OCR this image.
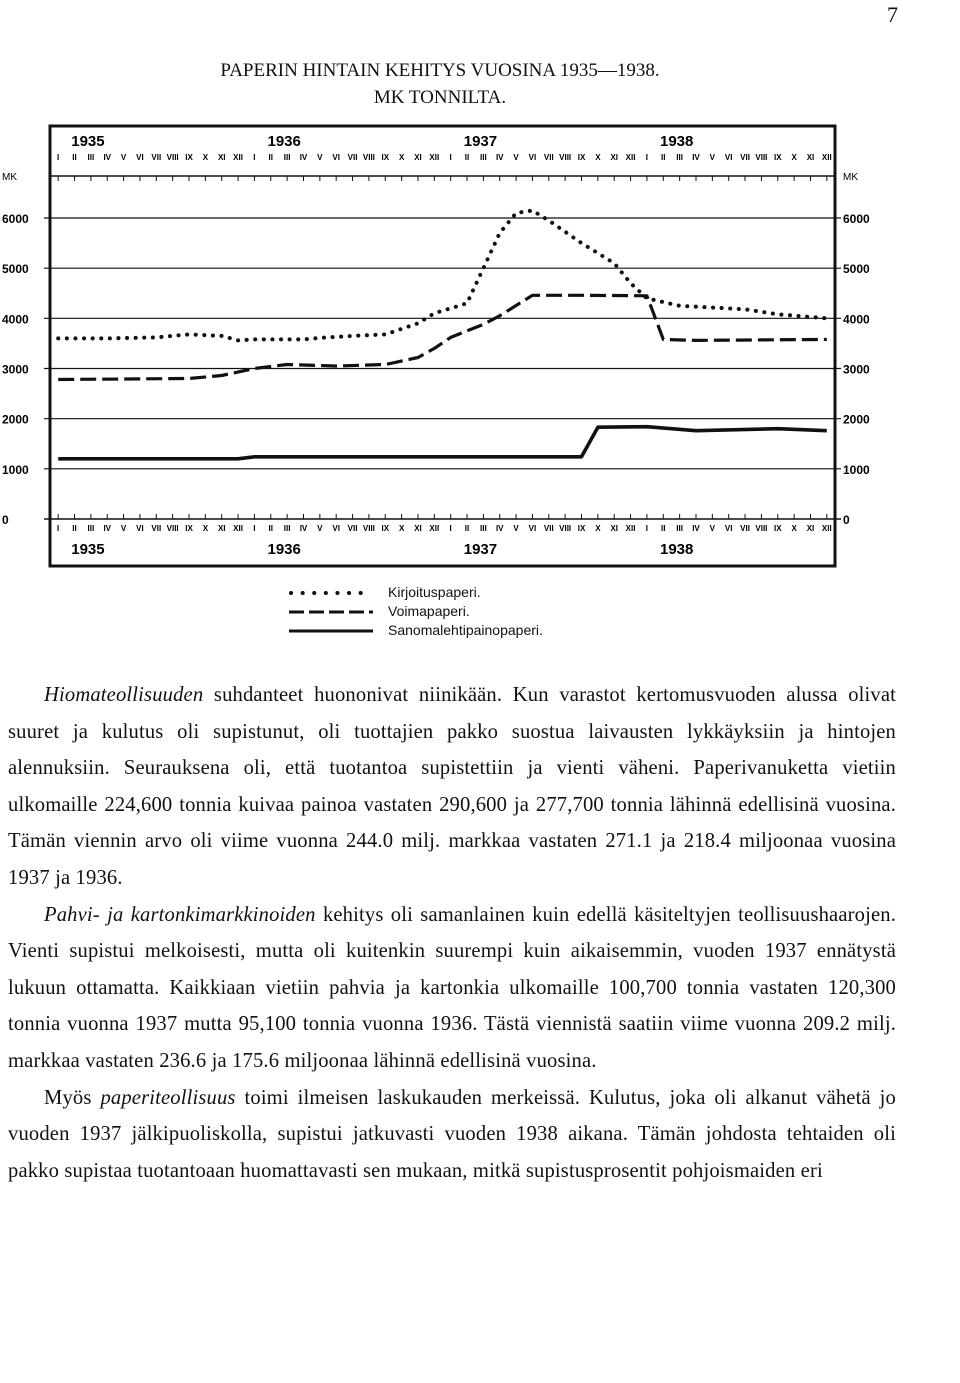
7
PAPERIN HINTAIN KEHITYS VUOSINA 1935—1938.
MK TONNILTA.
I
I
II
II
III
III
IV
IV
V
V
VI
VI
VII
VII
VIII
VIII
IX
IX
X
X
XI
XI
XII
XII
I
I
II
II
III
III
IV
IV
V
V
VI
VI
VII
VII
VIII
VIII
IX
IX
X
X
XI
XI
XII
XII
I
I
II
II
III
III
IV
IV
V
V
VI
VI
VII
VII
VIII
VIII
IX
IX
X
X
XI
XI
XII
XII
I
I
II
II
III
III
IV
IV
V
V
VI
VI
VII
VII
VIII
VIII
IX
IX
X
X
XI
XI
XII
XII
1935
1935
1936
1936
1937
1937
1938
1938
0	0
1000	1000
2000	2000
3000	3000
4000	4000
5000	5000
6000	6000
MK	MK
Kirjoituspaperi.
Voimapaperi.
Sanomalehtipainopaperi.

Hiomateollisuuden suhdanteet huononivat niinikään. Kun varastot kertomusvuoden alussa olivat suuret ja kulutus oli supistunut, oli tuottajien pakko suostua laivausten lykkäyksiin ja hintojen alennuksiin. Seurauksena oli, että tuotantoa supistettiin ja vienti väheni. Paperivanuketta vietiin ulkomaille 224,600 tonnia kuivaa painoa vastaten 290,600 ja 277,700 tonnia lähinnä edellisinä vuosina. Tämän viennin arvo oli viime vuonna 244.0 milj. markkaa vastaten 271.1 ja 218.4 miljoonaa vuosina 1937 ja 1936.

Pahvi- ja kartonkimarkkinoiden kehitys oli samanlainen kuin edellä käsiteltyjen teollisuushaarojen. Vienti supistui melkoisesti, mutta oli kuitenkin suurempi kuin aikaisemmin, vuoden 1937 ennätystä lukuun ottamatta. Kaikkiaan vietiin pahvia ja kartonkia ulkomaille 100,700 tonnia vastaten 120,300 tonnia vuonna 1937 mutta 95,100 tonnia vuonna 1936. Tästä viennistä saatiin viime vuonna 209.2 milj. markkaa vastaten 236.6 ja 175.6 miljoonaa lähinnä edellisinä vuosina.

Myös paperiteollisuus toimi ilmeisen laskukauden merkeissä. Kulutus, joka oli alkanut vähetä jo vuoden 1937 jälkipuoliskolla, supistui jatkuvasti vuoden 1938 aikana. Tämän johdosta tehtaiden oli pakko supistaa tuotantoaan huomattavasti sen mukaan, mitkä supistusprosentit pohjoismaiden eri
